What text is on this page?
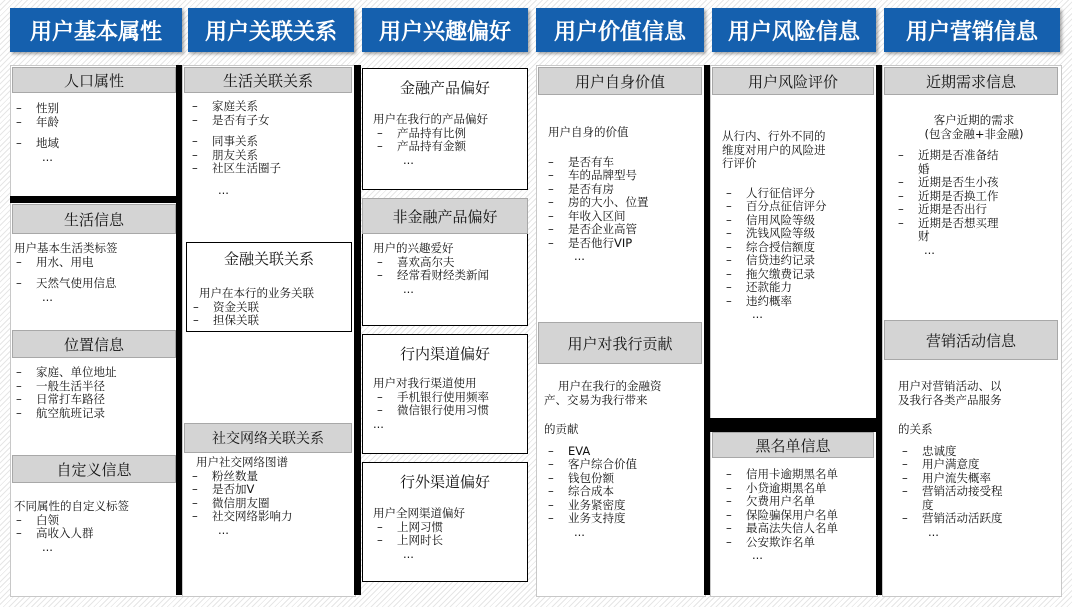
用户基本属性	用户关联关系	用户兴趣偏好	用户价值信息	用户风险信息	用户营销信息
人口属性
– 性别
– 年龄
– 地域
...
生活信息
用户基本生活类标签
– 用水、用电
– 天然气使用信息
...
位置信息
– 家庭、单位地址
– 一般生活半径
– 日常打车路径
– 航空航班记录
自定义信息
不同属性的自定义标签
– 白领
– 高收入人群
...
生活关联关系
– 家庭关系
– 是否有子女
– 同事关系
– 朋友关系
– 社区生活圈子
...
金融关联关系
用户在本行的业务关联
– 资金关联
– 担保关联
社交网络关联关系
用户社交网络图谱
– 粉丝数量
– 是否加V
– 微信朋友圈
– 社交网络影响力
...
金融产品偏好
用户在我行的产品偏好
– 产品持有比例
– 产品持有金额
...
非金融产品偏好
用户的兴趣爱好
– 喜欢高尔夫
– 经常看财经类新闻
...
行内渠道偏好
用户对我行渠道使用
– 手机银行使用频率
– 微信银行使用习惯
...
行外渠道偏好
用户全网渠道偏好
– 上网习惯
– 上网时长
...
用户自身价值
用户自身的价值
– 是否有车
– 车的品牌型号
– 是否有房
– 房的大小、位置
– 年收入区间
– 是否企业高管
– 是否他行VIP
...
用户对我行贡献
用户在我行的金融资
产、交易为我行带来
的贡献
– EVA
– 客户综合价值
– 钱包份额
– 综合成本
– 业务紧密度
– 业务支持度
...
用户风险评价
从行内、行外不同的
维度对用户的风险进
行评价
– 人行征信评分
– 百分点征信评分
– 信用风险等级
– 洗钱风险等级
– 综合授信额度
– 信贷违约记录
– 拖欠缴费记录
– 还款能力
– 违约概率
...
黑名单信息
– 信用卡逾期黑名单
– 小贷逾期黑名单
– 欠费用户名单
– 保险骗保用户名单
– 最高法失信人名单
– 公安欺诈名单
...
近期需求信息
客户近期的需求
(包含金融+非金融)
– 近期是否准备结
婚
– 近期是否生小孩
– 近期是否换工作
– 近期是否出行
– 近期是否想买理
财
...
营销活动信息
用户对营销活动、以
及我行各类产品服务
的关系
– 忠诚度
– 用户满意度
– 用户流失概率
– 营销活动接受程
度
– 营销活动活跃度
...
